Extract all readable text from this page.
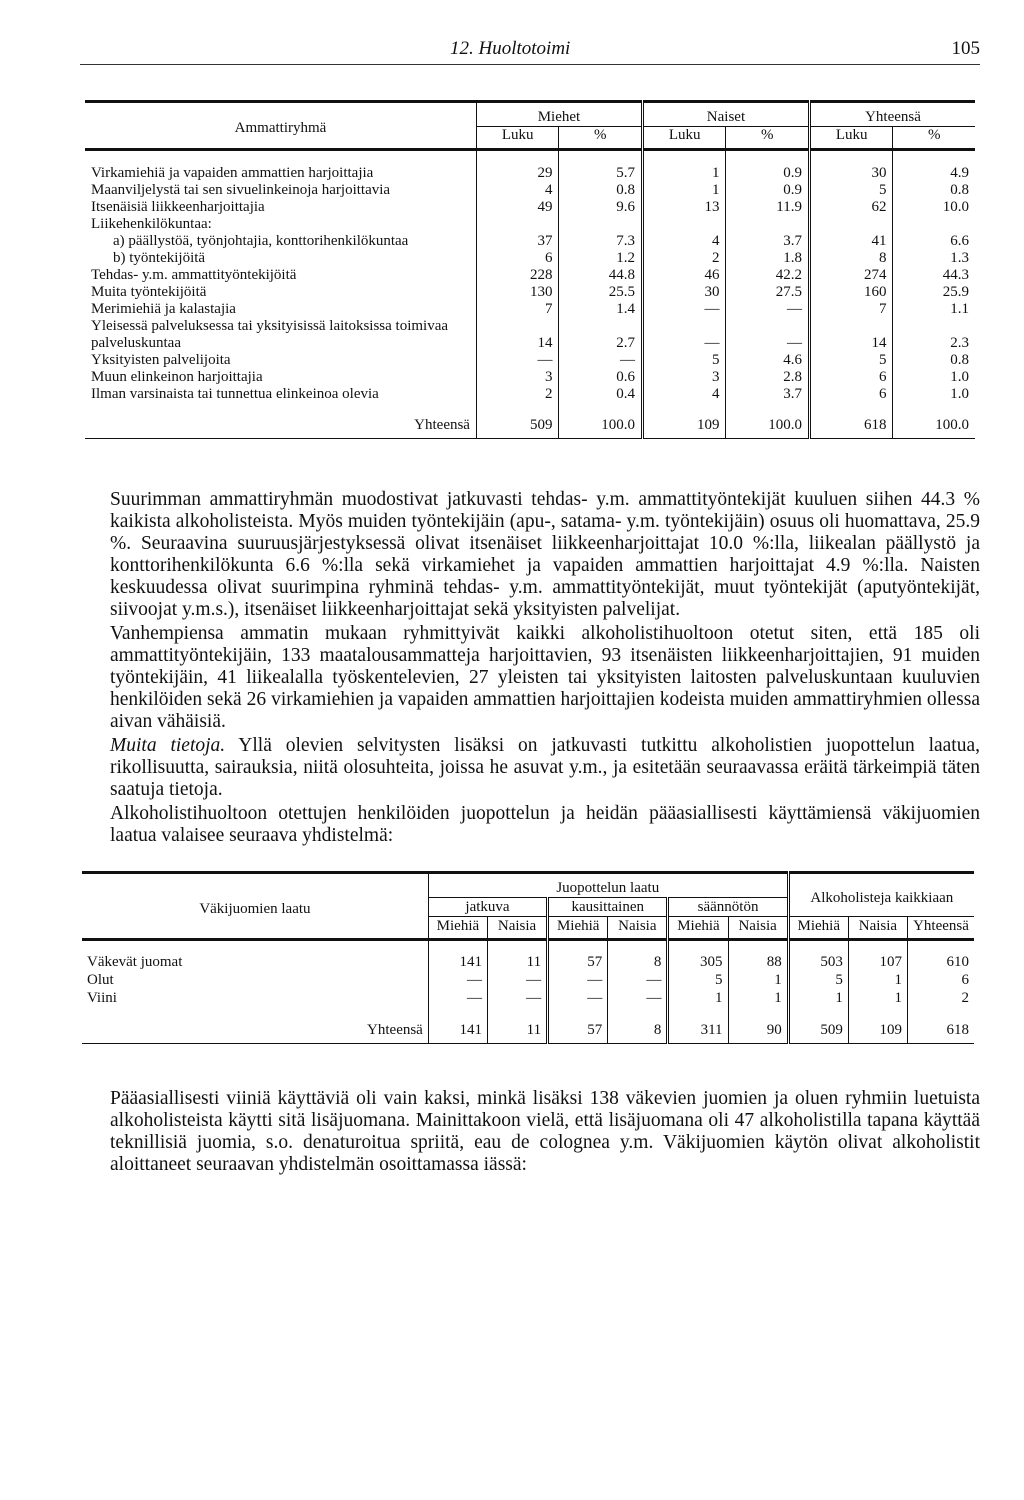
12. Huoltotoimi	105
Ammattiryhmä	Miehet		Naiset		Yhteensä	
	Luku	%	Luku	%	Luku	%
Virkamiehiä ja vapaiden ammattien harjoittajia	29	5.7	1	0.9	30	4.9
Maanviljelystä tai sen sivuelinkeinoja harjoittavia	4	0.8	1	0.9	5	0.8
Itsenäisiä liikkeenharjoittajia	49	9.6	13	11.9	62	10.0
Liikehenkilökuntaa:						
a) päällystöä, työnjohtajia, konttorihenkilökuntaa	37	7.3	4	3.7	41	6.6
b) työntekijöitä	6	1.2	2	1.8	8	1.3
Tehdas- y.m. ammattityöntekijöitä	228	44.8	46	42.2	274	44.3
Muita työntekijöitä	130	25.5	30	27.5	160	25.9
Merimiehiä ja kalastajia	7	1.4	—	—	7	1.1
Yleisessä palveluksessa tai yksityisissä laitoksissa toimivaa palveluskuntaa	14	2.7	—	—	14	2.3
Yksityisten palvelijoita	—	—	5	4.6	5	0.8
Muun elinkeinon harjoittajia	3	0.6	3	2.8	6	1.0
Ilman varsinaista tai tunnettua elinkeinoa olevia	2	0.4	4	3.7	6	1.0
Yhteensä	509	100.0	109	100.0	618	100.0
Suurimman ammattiryhmän muodostivat jatkuvasti tehdas- y.m. ammattityöntekijät kuuluen siihen 44.3 % kaikista alkoholisteista. Myös muiden työntekijäin (apu-, satama- y.m. työntekijäin) osuus oli huomattava, 25.9 %. Seuraavina suuruusjärjestyksessä olivat itsenäiset liikkeenharjoittajat 10.0 %:lla, liikealan päällystö ja konttorihenkilökunta 6.6 %:lla sekä virkamiehet ja vapaiden ammattien harjoittajat 4.9 %:lla. Naisten keskuudessa olivat suurimpina ryhminä tehdas- y.m. ammattityöntekijät, muut työntekijät (aputyöntekijät, siivoojat y.m.s.), itsenäiset liikkeenharjoittajat sekä yksityisten palvelijat.
Vanhempiensa ammatin mukaan ryhmittyivät kaikki alkoholistihuoltoon otetut siten, että 185 oli ammattityöntekijäin, 133 maatalousammatteja harjoittavien, 93 itsenäisten liikkeenharjoittajien, 91 muiden työntekijäin, 41 liikealalla työskentelevien, 27 yleisten tai yksityisten laitosten palveluskuntaan kuuluvien henkilöiden sekä 26 virkamiehien ja vapaiden ammattien harjoittajien kodeista muiden ammattiryhmien ollessa aivan vähäisiä.
Muita tietoja. Yllä olevien selvitysten lisäksi on jatkuvasti tutkittu alkoholistien juopottelun laatua, rikollisuutta, sairauksia, niitä olosuhteita, joissa he asuvat y.m., ja esitetään seuraavassa eräitä tärkeimpiä täten saatuja tietoja.
Alkoholistihuoltoon otettujen henkilöiden juopottelun ja heidän pääasiallisesti käyttämiensä väkijuomien laatua valaisee seuraava yhdistelmä:
Väkijuomien laatu	Juopottelun laatu						Alkoholisteja kaikkiaan		
	jatkuva		kausittainen		säännötön				
	Miehiä	Naisia	Miehiä	Naisia	Miehiä	Naisia	Miehiä	Naisia	Yhteensä
Väkevät juomat	141	11	57	8	305	88	503	107	610
Olut	—	—	—	—	5	1	5	1	6
Viini	—	—	—	—	1	1	1	1	2
Yhteensä	141	11	57	8	311	90	509	109	618
Pääasiallisesti viiniä käyttäviä oli vain kaksi, minkä lisäksi 138 väkevien juomien ja oluen ryhmiin luetuista alkoholisteista käytti sitä lisäjuomana. Mainittakoon vielä, että lisäjuomana oli 47 alkoholistilla tapana käyttää teknillisiä juomia, s.o. denaturoitua spriitä, eau de colognea y.m. Väkijuomien käytön olivat alkoholistit aloittaneet seuraavan yhdistelmän osoittamassa iässä:
